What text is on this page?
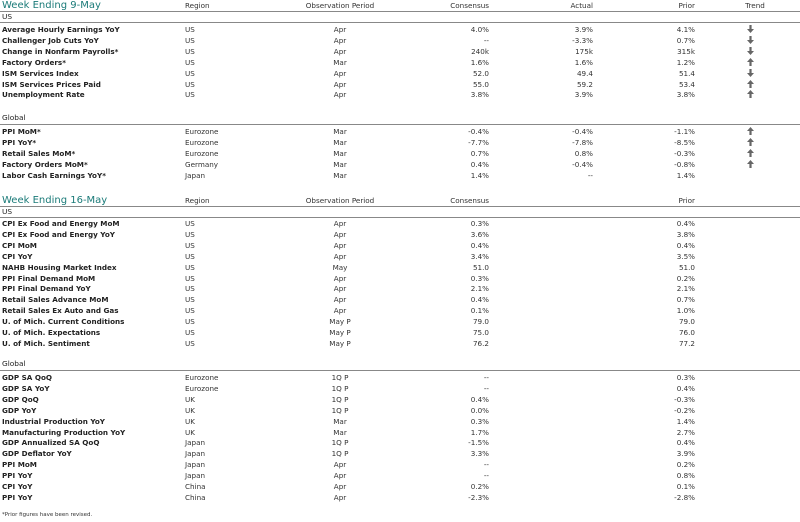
Week Ending 9-May	Region	Observation Period	Consensus	Actual	Prior	Trend
US
Average Hourly Earnings YoY	US	Apr	4.0%	3.9%	4.1%
Challenger Job Cuts YoY	US	Apr	--	-3.3%	0.7%
Change in Nonfarm Payrolls*	US	Apr	240k	175k	315k
Factory Orders*	US	Mar	1.6%	1.6%	1.2%
ISM Services Index	US	Apr	52.0	49.4	51.4
ISM Services Prices Paid	US	Apr	55.0	59.2	53.4
Unemployment Rate	US	Apr	3.8%	3.9%	3.8%
Global
PPI MoM*	Eurozone	Mar	-0.4%	-0.4%	-1.1%
PPI YoY*	Eurozone	Mar	-7.7%	-7.8%	-8.5%
Retail Sales MoM*	Eurozone	Mar	0.7%	0.8%	-0.3%
Factory Orders MoM*	Germany	Mar	0.4%	-0.4%	-0.8%
Labor Cash Earnings YoY*	Japan	Mar	1.4%	--	1.4%
Week Ending 16-May	Region	Observation Period	Consensus	Prior
US
CPI Ex Food and Energy MoM	US	Apr	0.3%	0.4%
CPI Ex Food and Energy YoY	US	Apr	3.6%	3.8%
CPI MoM	US	Apr	0.4%	0.4%
CPI YoY	US	Apr	3.4%	3.5%
NAHB Housing Market Index	US	May	51.0	51.0
PPI Final Demand MoM	US	Apr	0.3%	0.2%
PPI Final Demand YoY	US	Apr	2.1%	2.1%
Retail Sales Advance MoM	US	Apr	0.4%	0.7%
Retail Sales Ex Auto and Gas	US	Apr	0.1%	1.0%
U. of Mich. Current Conditions	US	May P	79.0	79.0
U. of Mich. Expectations	US	May P	75.0	76.0
U. of Mich. Sentiment	US	May P	76.2	77.2
Global
GDP SA QoQ	Eurozone	1Q P	--	0.3%
GDP SA YoY	Eurozone	1Q P	--	0.4%
GDP QoQ	UK	1Q P	0.4%	-0.3%
GDP YoY	UK	1Q P	0.0%	-0.2%
Industrial Production YoY	UK	Mar	0.3%	1.4%
Manufacturing Production YoY	UK	Mar	1.7%	2.7%
GDP Annualized SA QoQ	Japan	1Q P	-1.5%	0.4%
GDP Deflator YoY	Japan	1Q P	3.3%	3.9%
PPI MoM	Japan	Apr	--	0.2%
PPI YoY	Japan	Apr	--	0.8%
CPI YoY	China	Apr	0.2%	0.1%
PPI YoY	China	Apr	-2.3%	-2.8%
*Prior figures have been revised.
